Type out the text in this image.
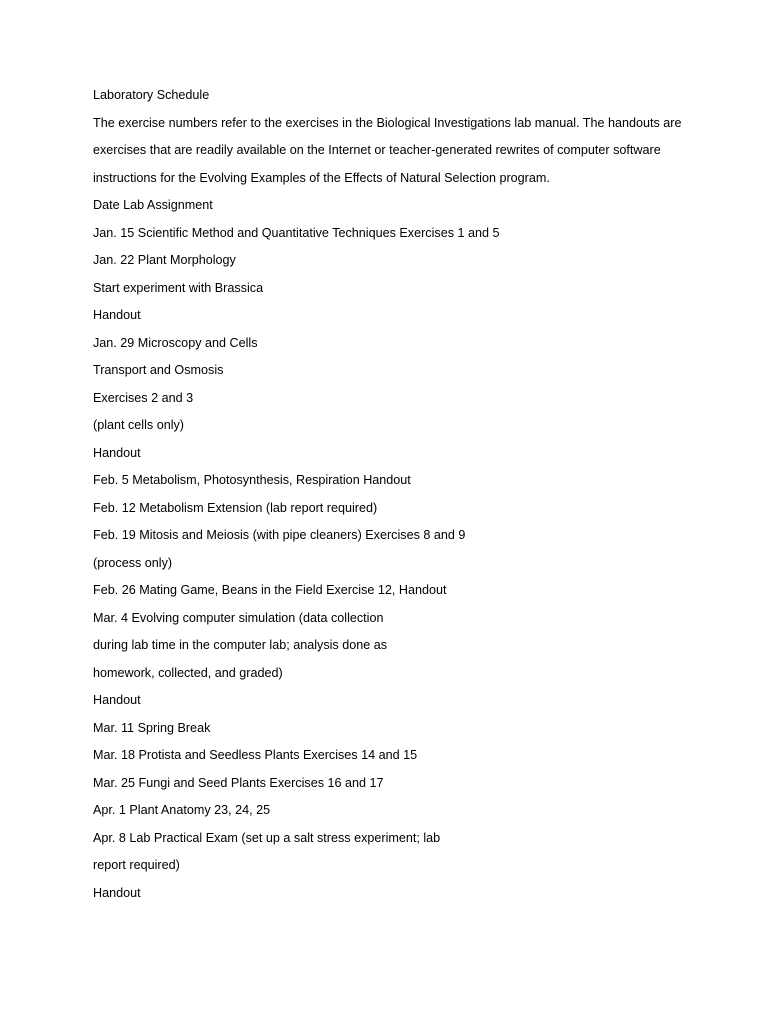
Laboratory Schedule

The exercise numbers refer to the exercises in the Biological Investigations lab manual. The handouts are

exercises that are readily available on the Internet or teacher-generated rewrites of computer software

instructions for the Evolving Examples of the Effects of Natural Selection program.

Date Lab Assignment

Jan. 15 Scientific Method and Quantitative Techniques Exercises 1 and 5

Jan. 22 Plant Morphology

Start experiment with Brassica

Handout

Jan. 29 Microscopy and Cells

Transport and Osmosis

Exercises 2 and 3

(plant cells only)

Handout

Feb. 5 Metabolism, Photosynthesis, Respiration Handout

Feb. 12 Metabolism Extension (lab report required)

Feb. 19 Mitosis and Meiosis (with pipe cleaners) Exercises 8 and 9

(process only)

Feb. 26 Mating Game, Beans in the Field Exercise 12, Handout

Mar. 4 Evolving computer simulation (data collection

during lab time in the computer lab; analysis done as

homework, collected, and graded)

Handout

Mar. 11 Spring Break

Mar. 18 Protista and Seedless Plants Exercises 14 and 15

Mar. 25 Fungi and Seed Plants Exercises 16 and 17

Apr. 1 Plant Anatomy 23, 24, 25

Apr. 8 Lab Practical Exam (set up a salt stress experiment; lab

report required)

Handout
